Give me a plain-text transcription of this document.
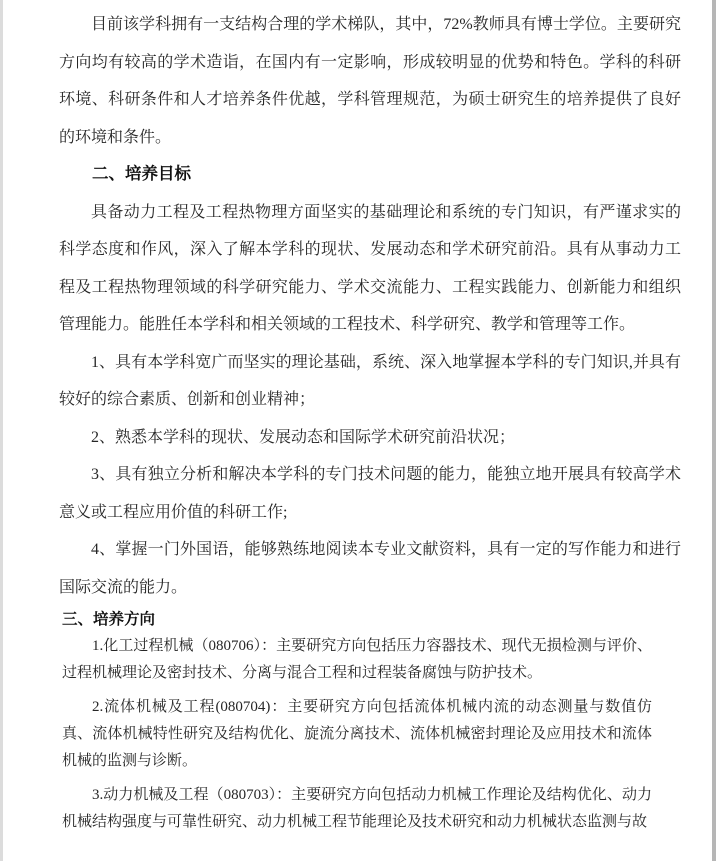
目前该学科拥有一支结构合理的学术梯队，其中，72%教师具有博士学位。主要研究方向均有较高的学术造诣，在国内有一定影响，形成较明显的优势和特色。学科的科研环境、科研条件和人才培养条件优越，学科管理规范，为硕士研究生的培养提供了良好的环境和条件。

二、培养目标

具备动力工程及工程热物理方面坚实的基础理论和系统的专门知识，有严谨求实的科学态度和作风，深入了解本学科的现状、发展动态和学术研究前沿。具有从事动力工程及工程热物理领域的科学研究能力、学术交流能力、工程实践能力、创新能力和组织管理能力。能胜任本学科和相关领域的工程技术、科学研究、教学和管理等工作。

1、具有本学科宽广而坚实的理论基础，系统、深入地掌握本学科的专门知识,并具有较好的综合素质、创新和创业精神；

2、熟悉本学科的现状、发展动态和国际学术研究前沿状况；

3、具有独立分析和解决本学科的专门技术问题的能力，能独立地开展具有较高学术意义或工程应用价值的科研工作;

4、掌握一门外国语，能够熟练地阅读本专业文献资料，具有一定的写作能力和进行国际交流的能力。

三、培养方向

1.化工过程机械（080706）：主要研究方向包括压力容器技术、现代无损检测与评价、过程机械理论及密封技术、分离与混合工程和过程装备腐蚀与防护技术。

2.流体机械及工程(080704)：主要研究方向包括流体机械内流的动态测量与数值仿真、流体机械特性研究及结构优化、旋流分离技术、流体机械密封理论及应用技术和流体机械的监测与诊断。

3.动力机械及工程（080703）：主要研究方向包括动力机械工作理论及结构优化、动力机械结构强度与可靠性研究、动力机械工程节能理论及技术研究和动力机械状态监测与故
